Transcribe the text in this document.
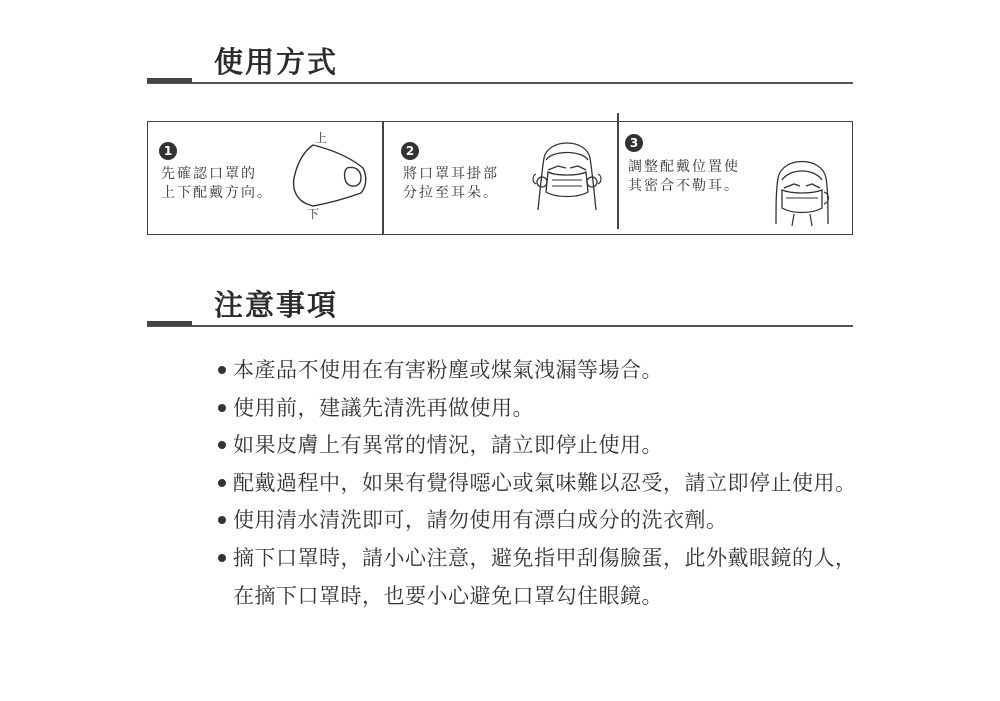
使用方式
1
先確認口罩的
上下配戴方向。
上
下
2
將口罩耳掛部
分拉至耳朵。
3
調整配戴位置使
其密合不勒耳。
注意事項
本產品不使用在有害粉塵或煤氣洩漏等場合。
使用前，建議先清洗再做使用。
如果皮膚上有異常的情況，請立即停止使用。
配戴過程中，如果有覺得噁心或氣味難以忍受，請立即停止使用。
使用清水清洗即可，請勿使用有漂白成分的洗衣劑。
摘下口罩時，請小心注意，避免指甲刮傷臉蛋，此外戴眼鏡的人，在摘下口罩時，也要小心避免口罩勾住眼鏡。
